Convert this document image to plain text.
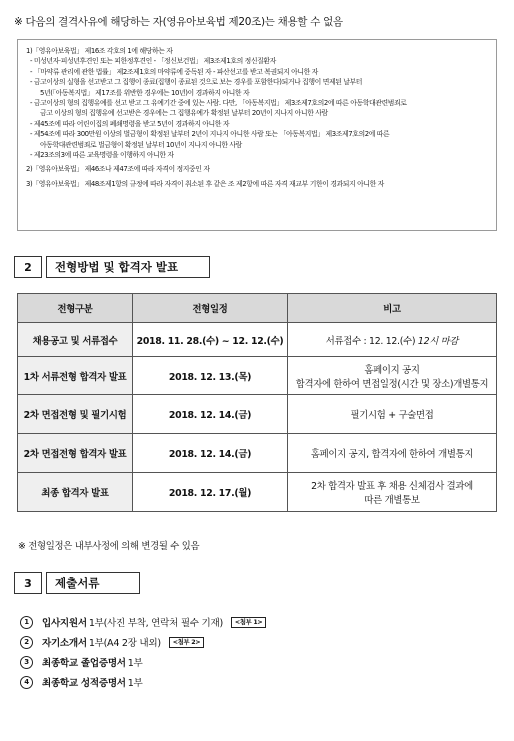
※ 다음의 결격사유에 해당하는 자(영유아보육법 제20조)는 채용할 수 없음
1)「영유아보육법」 제16조 각호의 1에 해당하는 자
- 미성년자·피성년후견인 또는 피한정후견인 - 「정신보건법」 제3조제1호의 정신질환자
- 「마약류 관리에 관한 법률」 제2조제1호의 마약류에 중독된 자 - 파산선고를 받고 복권되지 아니한 자
- 금고이상의 실형을 선고받고 그 집행이 종료(집행이 종료된 것으로 보는 경우를 포함한다)되거나 집행이 면제된 날부터
5년(「아동복지법」 제17조를 위반한 경우에는 10년)이 경과하지 아니한 자
- 금고이상의 형의 집행유예를 선고 받고 그 유예기간 중에 있는 사람. 다만, 「아동복지법」 제3조제7호의2에 따른 아동학대관련범죄로
금고 이상의 형의 집행유예 선고받은 경우에는 그 집행유예가 확정된 날부터 20년이 지나지 아니한 사람
- 제45조에 따라 어린이집의 폐쇄명령을 받고 5년이 경과하지 아니한 자
- 제54조에 따라 300만원 이상의 벌금형이 확정된 날부터 2년이 지나지 아니한 사람 또는 「아동복지법」 제3조제7호의2에 따른
아동학대관련범죄로 벌금형이 확정된 날부터 10년이 지나지 아니한 사람
- 제23조의3에 따른 교육명령을 이행하지 아니한 자
2)「영유아보육법」 제46조나 제47조에 따라 자격이 정지중인 자
3)「영유아보육법」 제48조제1항의 규정에 따라 자격이 취소된 후 같은 조 제2항에 따른 자격 재교부 기한이 경과되지 아니한 자
2	전형방법 및 합격자 발표
전형구분	전형일정	비고
채용공고 및 서류접수	2018. 11. 28.(수) ~ 12. 12.(수)	서류접수 : 12. 12.(수) 12시 마감
1차 서류전형 합격자 발표	2018. 12. 13.(목)	홈페이지 공지
합격자에 한하여 면접일정(시간 및 장소)개별통지

2차 면접전형 및 필기시험	2018. 12. 14.(금)	필기시험 + 구술면접
2차 면접전형 합격자 발표	2018. 12. 14.(금)	홈페이지 공지, 합격자에 한하여 개별통지
최종 합격자 발표	2018. 12. 17.(월)	2차 합격자 발표 후 채용 신체검사 결과에
따른 개별통보
※ 전형일정은 내부사정에 의해 변경될 수 있음
3	제출서류
1	입사지원서 1부(사진 부착, 연락처 필수 기재)	<첨부 1>
2	자기소개서 1부(A4 2장 내외)	<첨부 2>
3	최종학교 졸업증명서 1부
4	최종학교 성적증명서 1부
